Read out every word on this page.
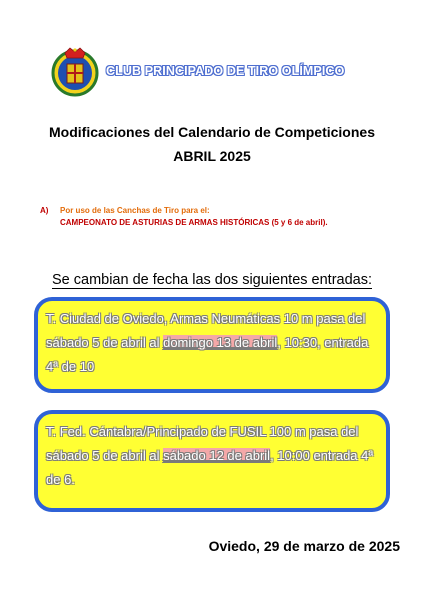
CLUB PRINCIPADO DE TIRO OLÍMPICO
Modificaciones del Calendario de Competiciones
ABRIL 2025
A) Por uso de las Canchas de Tiro para el:
CAMPEONATO DE ASTURIAS DE ARMAS HISTÓRICAS (5 y 6 de abril).
Se cambian de fecha las dos siguientes entradas:
T. Ciudad de Oviedo, Armas Neumáticas 10 m pasa del sábado 5 de abril al domingo 13 de abril, 10:30, entrada 4ª de 10
T. Fed. Cántabra/Principado de FUSIL 100 m pasa del sábado 5 de abril al sábado 12 de abril, 10:00 entrada 4ª de 6.
Oviedo, 29 de marzo de 2025
